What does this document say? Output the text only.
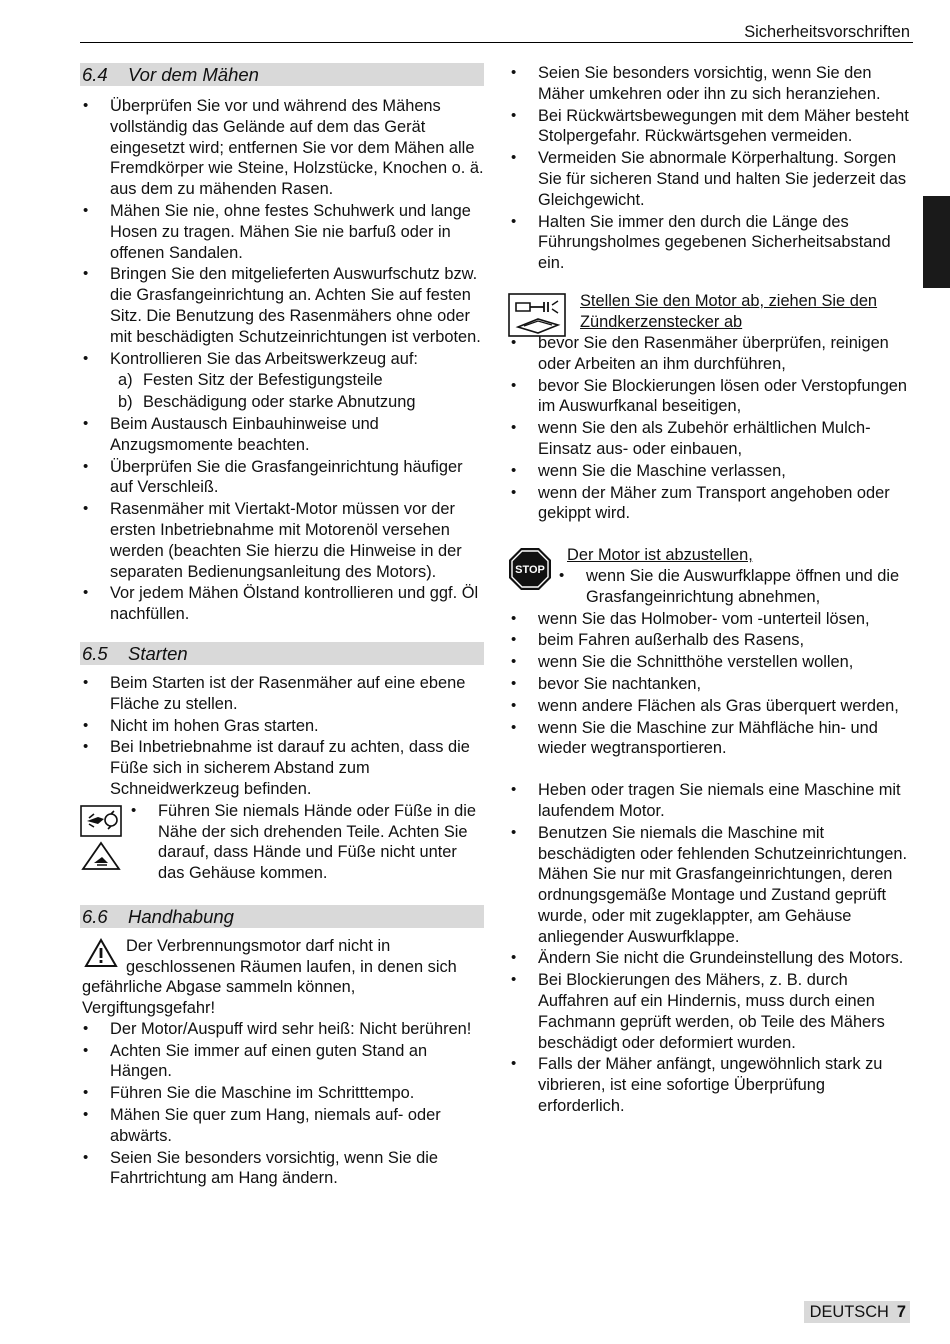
Sicherheitsvorschriften
6.4 Vor dem Mähen
• Überprüfen Sie vor und während des Mähens vollständig das Gelände auf dem das Gerät eingesetzt wird; entfernen Sie vor dem Mähen alle Fremdkörper wie Steine, Holzstücke, Knochen o. ä. aus dem zu mähenden Rasen.
• Mähen Sie nie, ohne festes Schuhwerk und lange Hosen zu tragen. Mähen Sie nie barfuß oder in offenen Sandalen.
• Bringen Sie den mitgelieferten Auswurfschutz bzw. die Grasfangeinrichtung an. Achten Sie auf festen Sitz. Die Benutzung des Rasenmähers ohne oder mit beschädigten Schutzeinrichtungen ist verboten.
• Kontrollieren Sie das Arbeitswerkzeug auf:
a) Festen Sitz der Befestigungsteile
b) Beschädigung oder starke Abnutzung
• Beim Austausch Einbauhinweise und Anzugsmomente beachten.
• Überprüfen Sie die Grasfangeinrichtung häufiger auf Verschleiß.
• Rasenmäher mit Viertakt-Motor müssen vor der ersten Inbetriebnahme mit Motorenöl versehen werden (beachten Sie hierzu die Hinweise in der separaten Bedienungsanleitung des Motors).
• Vor jedem Mähen Ölstand kontrollieren und ggf. Öl nachfüllen.
6.5 Starten
• Beim Starten ist der Rasenmäher auf eine ebene Fläche zu stellen.
• Nicht im hohen Gras starten.
• Bei Inbetriebnahme ist darauf zu achten, dass die Füße sich in sicherem Abstand zum Schneidwerkzeug befinden.
• Führen Sie niemals Hände oder Füße in die Nähe der sich drehenden Teile. Achten Sie darauf, dass Hände und Füße nicht unter das Gehäuse kommen.
6.6 Handhabung

Der Verbrennungsmotor darf nicht in geschlossenen Räumen laufen, in denen sich gefährliche Abgase sammeln können, Vergiftungsgefahr!

• Der Motor/Auspuff wird sehr heiß: Nicht berühren!
• Achten Sie immer auf einen guten Stand an Hängen.
• Führen Sie die Maschine im Schritttempo.
• Mähen Sie quer zum Hang, niemals auf- oder abwärts.
• Seien Sie besonders vorsichtig, wenn Sie die Fahrtrichtung am Hang ändern.
• Seien Sie besonders vorsichtig, wenn Sie den Mäher umkehren oder ihn zu sich heranziehen.
• Bei Rückwärtsbewegungen mit dem Mäher besteht Stolpergefahr. Rückwärtsgehen vermeiden.
• Vermeiden Sie abnormale Körperhaltung. Sorgen Sie für sicheren Stand und halten Sie jederzeit das Gleichgewicht.
• Halten Sie immer den durch die Länge des Führungsholmes gegebenen Sicherheitsabstand ein.
Stellen Sie den Motor ab, ziehen Sie den Zündkerzenstecker ab
• bevor Sie den Rasenmäher überprüfen, reinigen oder Arbeiten an ihm durchführen,
• bevor Sie Blockierungen lösen oder Verstopfungen im Auswurfkanal beseitigen,
• wenn Sie den als Zubehör erhältlichen Mulch-Einsatz aus- oder einbauen,
• wenn Sie die Maschine verlassen,
• wenn der Mäher zum Transport angehoben oder gekippt wird.
STOP
Der Motor ist abzustellen,
• wenn Sie die Auswurfklappe öffnen und die Grasfangeinrichtung abnehmen,
• wenn Sie das Holmober- vom -unterteil lösen,
• beim Fahren außerhalb des Rasens,
• wenn Sie die Schnitthöhe verstellen wollen,
• bevor Sie nachtanken,
• wenn andere Flächen als Gras überquert werden,
• wenn Sie die Maschine zur Mähfläche hin- und wieder wegtransportieren.
• Heben oder tragen Sie niemals eine Maschine mit laufendem Motor.
• Benutzen Sie niemals die Maschine mit beschädigten oder fehlenden Schutzeinrichtungen. Mähen Sie nur mit Grasfangeinrichtungen, deren ordnungsgemäße Montage und Zustand geprüft wurde, oder mit zugeklappter, am Gehäuse anliegender Auswurfklappe.
• Ändern Sie nicht die Grundeinstellung des Motors.
• Bei Blockierungen des Mähers, z. B. durch Auffahren auf ein Hindernis, muss durch einen Fachmann geprüft werden, ob Teile des Mähers beschädigt oder deformiert wurden.
• Falls der Mäher anfängt, ungewöhnlich stark zu vibrieren, ist eine sofortige Überprüfung erforderlich.
DEUTSCH 7
